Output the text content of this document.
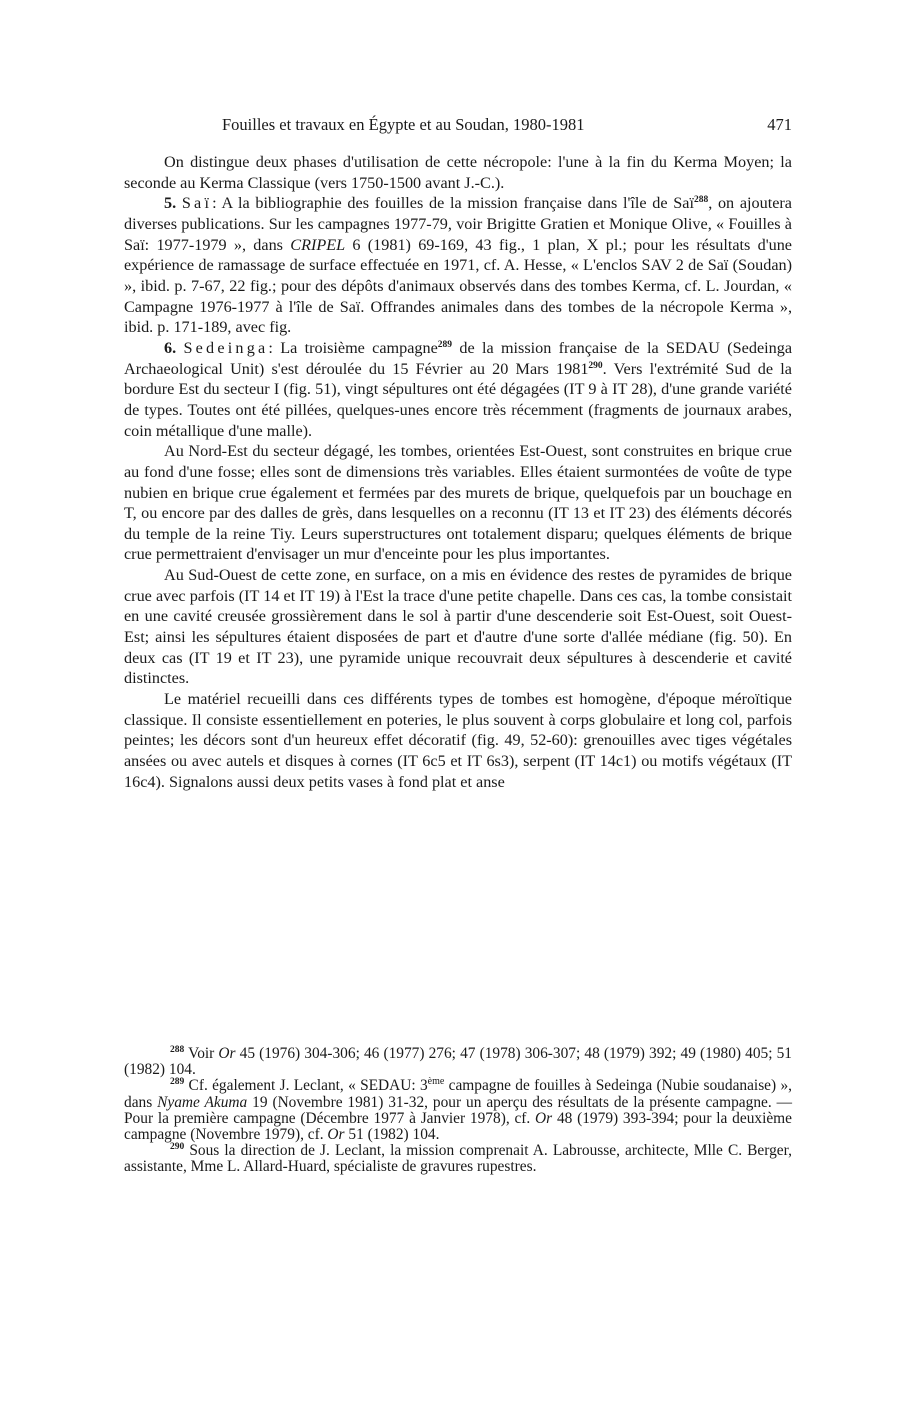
Fouilles et travaux en Égypte et au Soudan, 1980-1981	471

On distingue deux phases d'utilisation de cette nécropole: l'une à la fin du Kerma Moyen; la seconde au Kerma Classique (vers 1750-1500 avant J.-C.).

5. Saï: A la bibliographie des fouilles de la mission française dans l'île de Saï$^{288}$, on ajoutera diverses publications. Sur les campagnes 1977-79, voir Brigitte Gratien et Monique Olive, « Fouilles à Saï: 1977-1979 », dans CRIPEL 6 (1981) 69-169, 43 fig., 1 plan, X pl.; pour les résultats d'une expérience de ramassage de surface effectuée en 1971, cf. A. Hesse, « L'enclos SAV 2 de Saï (Soudan) », ibid. p. 7-67, 22 fig.; pour des dépôts d'animaux observés dans des tombes Kerma, cf. L. Jourdan, « Campagne 1976-1977 à l'île de Saï. Offrandes animales dans des tombes de la nécropole Kerma », ibid. p. 171-189, avec fig.

6. Sedeinga: La troisième campagne$^{289}$ de la mission française de la SEDAU (Sedeinga Archaeological Unit) s'est déroulée du 15 Février au 20 Mars 1981$^{290}$. Vers l'extrémité Sud de la bordure Est du secteur I (fig. 51), vingt sépultures ont été dégagées (IT 9 à IT 28), d'une grande variété de types. Toutes ont été pillées, quelques-unes encore très récemment (fragments de journaux arabes, coin métallique d'une malle).

Au Nord-Est du secteur dégagé, les tombes, orientées Est-Ouest, sont construites en brique crue au fond d'une fosse; elles sont de dimensions très variables. Elles étaient surmontées de voûte de type nubien en brique crue également et fermées par des murets de brique, quelquefois par un bouchage en T, ou encore par des dalles de grès, dans lesquelles on a reconnu (IT 13 et IT 23) des éléments décorés du temple de la reine Tiy. Leurs superstructures ont totalement disparu; quelques éléments de brique crue permettraient d'envisager un mur d'enceinte pour les plus importantes.

Au Sud-Ouest de cette zone, en surface, on a mis en évidence des restes de pyramides de brique crue avec parfois (IT 14 et IT 19) à l'Est la trace d'une petite chapelle. Dans ces cas, la tombe consistait en une cavité creusée grossièrement dans le sol à partir d'une descenderie soit Est-Ouest, soit Ouest-Est; ainsi les sépultures étaient disposées de part et d'autre d'une sorte d'allée médiane (fig. 50). En deux cas (IT 19 et IT 23), une pyramide unique recouvrait deux sépultures à descenderie et cavité distinctes.

Le matériel recueilli dans ces différents types de tombes est homogène, d'époque méroïtique classique. Il consiste essentiellement en poteries, le plus souvent à corps globulaire et long col, parfois peintes; les décors sont d'un heureux effet décoratif (fig. 49, 52-60): grenouilles avec tiges végétales ansées ou avec autels et disques à cornes (IT 6c5 et IT 6s3), serpent (IT 14c1) ou motifs végétaux (IT 16c4). Signalons aussi deux petits vases à fond plat et anse

$^{288}$ Voir Or 45 (1976) 304-306; 46 (1977) 276; 47 (1978) 306-307; 48 (1979) 392; 49 (1980) 405; 51 (1982) 104.

$^{289}$ Cf. également J. Leclant, « SEDAU: 3ème campagne de fouilles à Sedeinga (Nubie soudanaise) », dans Nyame Akuma 19 (Novembre 1981) 31-32, pour un aperçu des résultats de la présente campagne. — Pour la première campagne (Décembre 1977 à Janvier 1978), cf. Or 48 (1979) 393-394; pour la deuxième campagne (Novembre 1979), cf. Or 51 (1982) 104.

$^{290}$ Sous la direction de J. Leclant, la mission comprenait A. Labrousse, architecte, Mlle C. Berger, assistante, Mme L. Allard-Huard, spécialiste de gravures rupestres.
